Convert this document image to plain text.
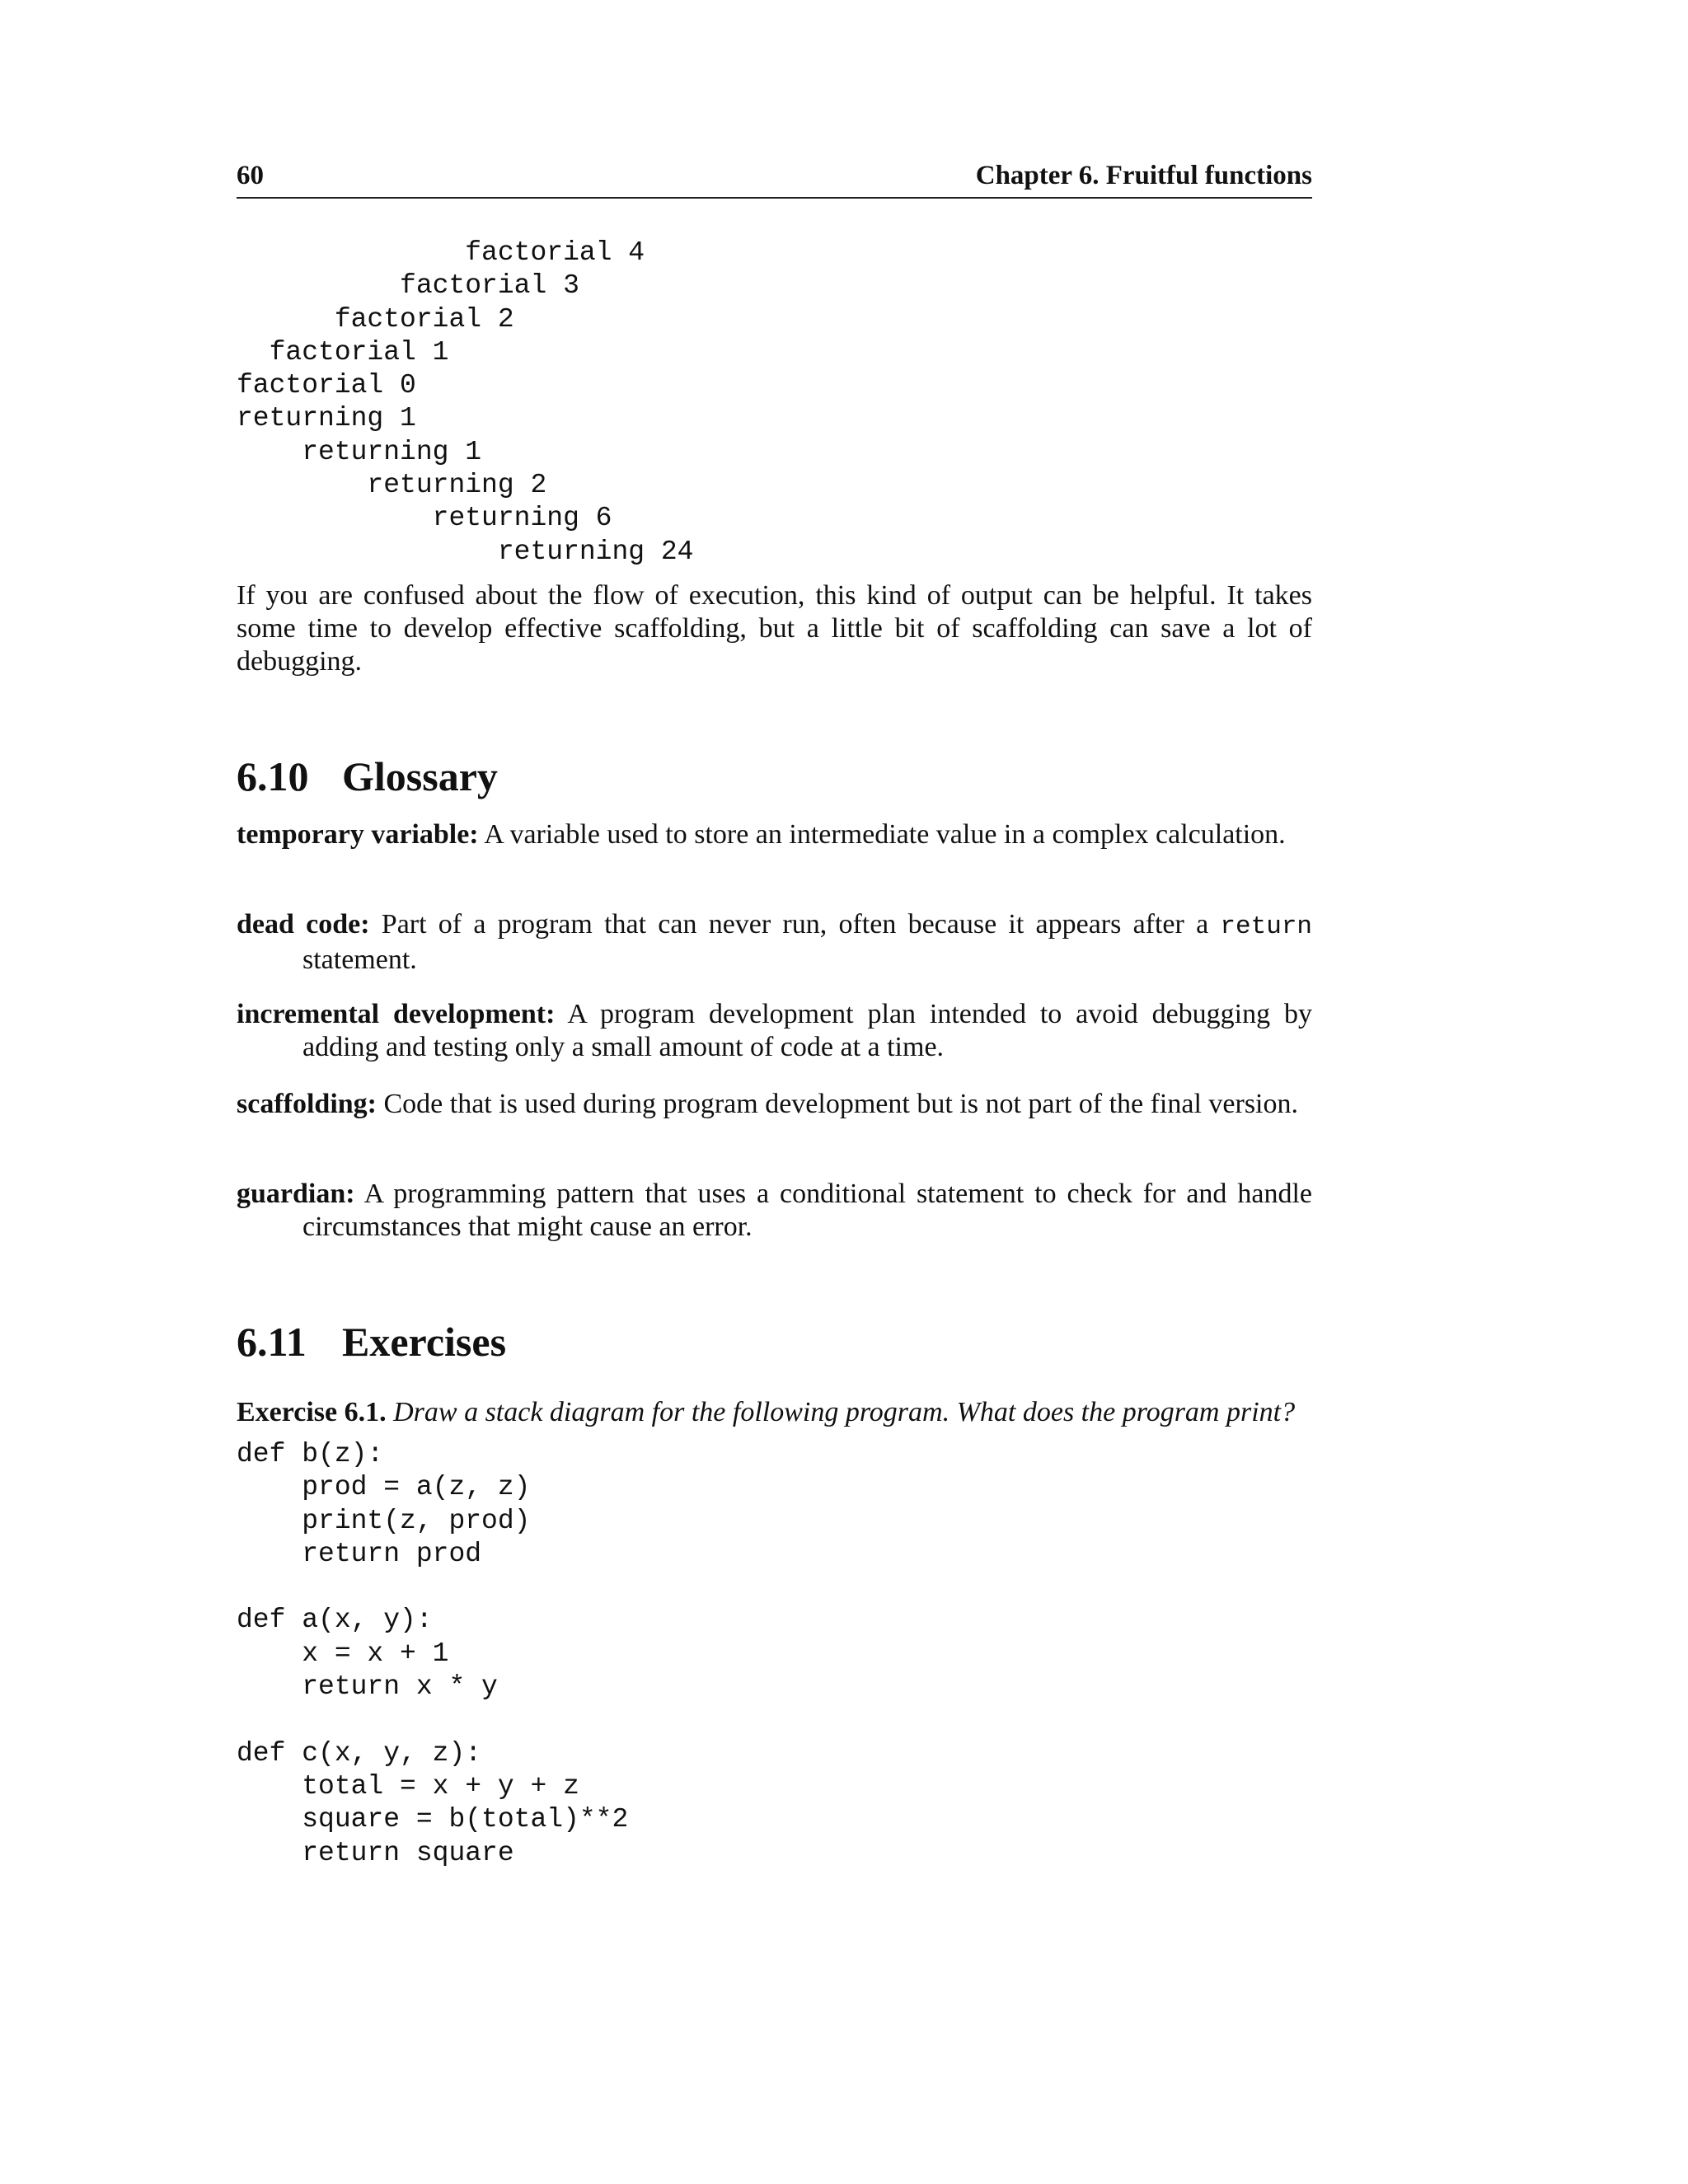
60	Chapter 6. Fruitful functions
factorial 4
factorial 3
factorial 2
factorial 1
factorial 0
returning 1
returning 1
returning 2
returning 6
returning 24
If you are confused about the flow of execution, this kind of output can be helpful. It takes some time to develop effective scaffolding, but a little bit of scaffolding can save a lot of debugging.
6.10 Glossary
temporary variable: A variable used to store an intermediate value in a complex calculation.
dead code: Part of a program that can never run, often because it appears after a return statement.
incremental development: A program development plan intended to avoid debugging by adding and testing only a small amount of code at a time.
scaffolding: Code that is used during program development but is not part of the final version.
guardian: A programming pattern that uses a conditional statement to check for and handle circumstances that might cause an error.
6.11 Exercises
Exercise 6.1. Draw a stack diagram for the following program. What does the program print?
def b(z):
prod = a(z, z)
print(z, prod)
return prod

def a(x, y):
x = x + 1
return x * y

def c(x, y, z):
total = x + y + z
square = b(total)**2
return square
